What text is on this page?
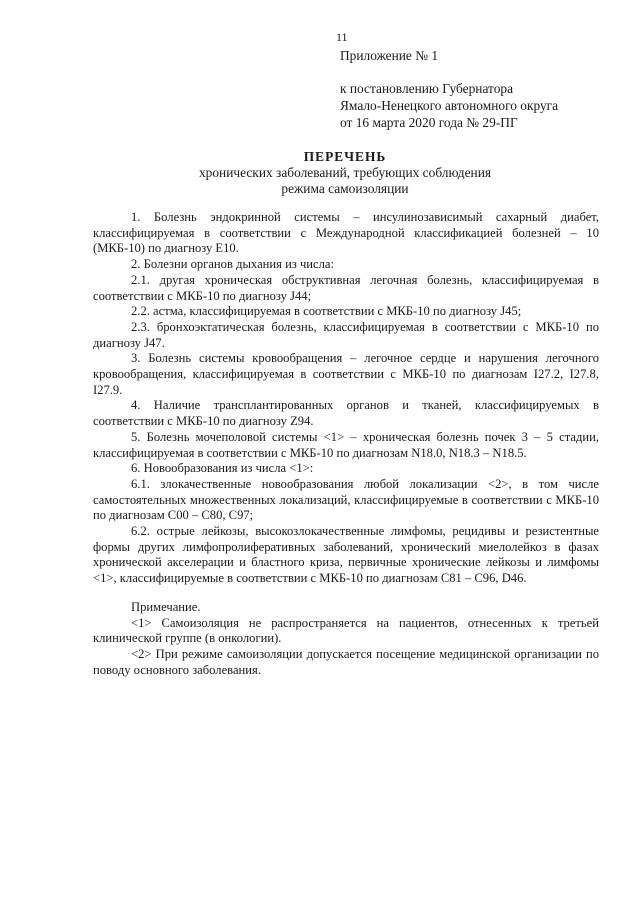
11
Приложение № 1
к постановлению Губернатора
Ямало-Ненецкого автономного округа
от 16 марта 2020 года № 29-ПГ
ПЕРЕЧЕНЬ
хронических заболеваний, требующих соблюдения
режима самоизоляции

1. Болезнь эндокринной системы – инсулинозависимый сахарный диабет, классифицируемая в соответствии с Международной классификацией болезней – 10 (МКБ-10) по диагнозу E10.

2. Болезни органов дыхания из числа:

2.1. другая хроническая обструктивная легочная болезнь, классифицируемая в соответствии с МКБ-10 по диагнозу J44;

2.2. астма, классифицируемая в соответствии с МКБ-10 по диагнозу J45;

2.3. бронхоэктатическая болезнь, классифицируемая в соответствии с МКБ-10 по диагнозу J47.

3. Болезнь системы кровообращения – легочное сердце и нарушения легочного кровообращения, классифицируемая в соответствии с МКБ-10 по диагнозам I27.2, I27.8, I27.9.

4. Наличие трансплантированных органов и тканей, классифицируемых в соответствии с МКБ-10 по диагнозу Z94.

5. Болезнь мочеполовой системы <1> – хроническая болезнь почек 3 – 5 стадии, классифицируемая в соответствии с МКБ-10 по диагнозам N18.0, N18.3 – N18.5.

6. Новообразования из числа <1>:

6.1. злокачественные новообразования любой локализации <2>, в том числе самостоятельных множественных локализаций, классифицируемые в соответствии с МКБ-10 по диагнозам C00 – C80, C97;

6.2. острые лейкозы, высокозлокачественные лимфомы, рецидивы и резистентные формы других лимфопролиферативных заболеваний, хронический миелолейкоз в фазах хронической акселерации и бластного криза, первичные хронические лейкозы и лимфомы <1>, классифицируемые в соответствии с МКБ-10 по диагнозам C81 – C96, D46.

Примечание.

<1> Самоизоляция не распространяется на пациентов, отнесенных к третьей клинической группе (в онкологии).

<2> При режиме самоизоляции допускается посещение медицинской организации по поводу основного заболевания.
